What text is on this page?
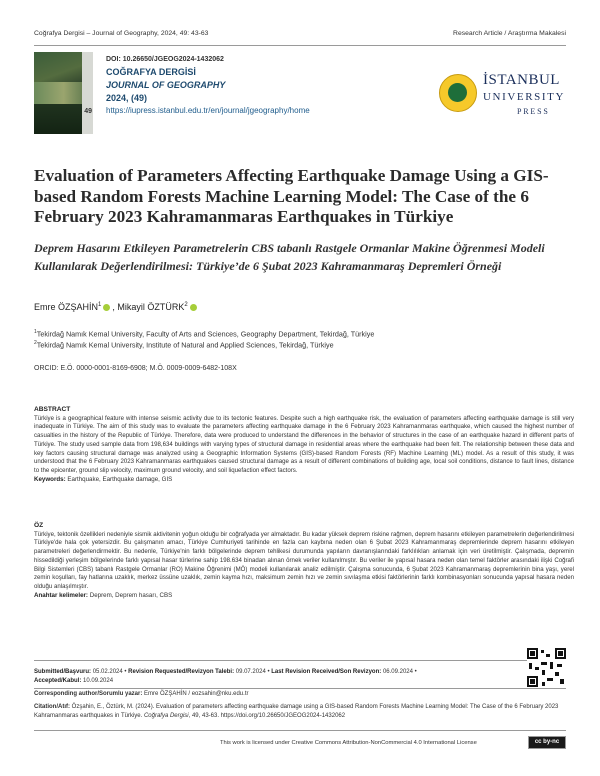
Coğrafya Dergisi – Journal of Geography, 2024, 49: 43-63	Research Article / Araştırma Makalesi
49
DOI: 10.26650/JGEOG2024-1432062
COĞRAFYA DERGİSİ
JOURNAL OF GEOGRAPHY
2024, (49)
https://iupress.istanbul.edu.tr/en/journal/jgeography/home
İSTANBUL
UNIVERSITY
PRESS
Evaluation of Parameters Affecting Earthquake Damage Using a GIS-based Random Forests Machine Learning Model: The Case of the 6 February 2023 Kahramanmaras Earthquakes in Türkiye
Deprem Hasarını Etkileyen Parametrelerin CBS tabanlı Rastgele Ormanlar Makine Öğrenmesi Modeli Kullanılarak Değerlendirilmesi: Türkiye’de 6 Şubat 2023 Kahramanmaraş Depremleri Örneği
Emre ÖZŞAHİN$^1$ , Mikayil ÖZTÜRK$^2$
$^1$Tekirdağ Namık Kemal University, Faculty of Arts and Sciences, Geography Department, Tekirdağ, Türkiye
$^2$Tekirdağ Namık Kemal University, Institute of Natural and Applied Sciences, Tekirdağ, Türkiye
ORCID: E.Ö. 0000-0001-8169-6908; M.Ö. 0009-0009-6482-108X
ABSTRACT
Türkiye is a geographical feature with intense seismic activity due to its tectonic features. Despite such a high earthquake risk, the evaluation of parameters affecting earthquake damage is still very inadequate in Türkiye. The aim of this study was to evaluate the parameters affecting earthquake damage in the 6 February 2023 Kahramanmaras earthquake, which caused the highest number of casualties in the history of the Republic of Türkiye. Therefore, data were produced to understand the differences in the behavior of structures in the case of an earthquake hazard in different parts of Türkiye. The study used sample data from 198,634 buildings with varying types of structural damage in residential areas where the earthquake had been felt. The relationship between these data and key factors causing structural damage was analyzed using a Geographic Information Systems (GIS)-based Random Forests (RF) Machine Learning (ML) model. As a result of this study, it was understood that the 6 February 2023 Kahramanmaras earthquakes caused structural damage as a result of different combinations of building age, local soil conditions, distance to fault lines, distance to the epicenter, ground slip velocity, maximum ground velocity, and soil liquefaction effect factors.
Keywords: Earthquake, Earthquake damage, GIS
ÖZ
Türkiye, tektonik özellikleri nedeniyle sismik aktivitenin yoğun olduğu bir coğrafyada yer almaktadır. Bu kadar yüksek deprem riskine rağmen, deprem hasarını etkileyen parametrelerin değerlendirilmesi Türkiye'de hala çok yetersizdir. Bu çalışmanın amacı, Türkiye Cumhuriyeti tarihinde en fazla can kaybına neden olan 6 Şubat 2023 Kahramanmaraş depremlerinde deprem hasarını etkileyen parametreleri değerlendirmektir. Bu nedenle, Türkiye'nin farklı bölgelerinde deprem tehlikesi durumunda yapıların davranışlarındaki farklılıkları anlamak için veri üretilmiştir. Çalışmada, depremin hissedildiği yerleşim bölgelerinde farklı yapısal hasar türlerine sahip 198.634 binadan alınan örnek veriler kullanılmıştır. Bu veriler ile yapısal hasara neden olan temel faktörler arasındaki ilişki Coğrafi Bilgi Sistemleri (CBS) tabanlı Rastgele Ormanlar (RO) Makine Öğrenimi (MÖ) modeli kullanılarak analiz edilmiştir. Çalışma sonucunda, 6 Şubat 2023 Kahramanmaraş depremlerinin bina yaşı, yerel zemin koşulları, fay hatlarına uzaklık, merkez üssüne uzaklık, zemin kayma hızı, maksimum zemin hızı ve zemin sıvılaşma etkisi faktörlerinin farklı kombinasyonları sonucunda yapısal hasara neden olduğu anlaşılmıştır.
Anahtar kelimeler: Deprem, Deprem hasarı, CBS
Submitted/Başvuru: 05.02.2024 • Revision Requested/Revizyon Talebi: 09.07.2024 • Last Revision Received/Son Revizyon: 06.09.2024 •
Accepted/Kabul: 10.09.2024
Corresponding author/Sorumlu yazar: Emre ÖZŞAHİN / eozsahin@nku.edu.tr
Citation/Atıf: Özşahin, E., Öztürk, M. (2024). Evaluation of parameters affecting earthquake damage using a GIS-based Random Forests Machine Learning Model: The Case of the 6 February 2023 Kahramanmaras earthquakes in Türkiye. Coğrafya Dergisi, 49, 43-63. https://doi.org/10.26650/JGEOG2024-1432062
This work is licensed under Creative Commons Attribution-NonCommercial 4.0 International License	cc by-nc
